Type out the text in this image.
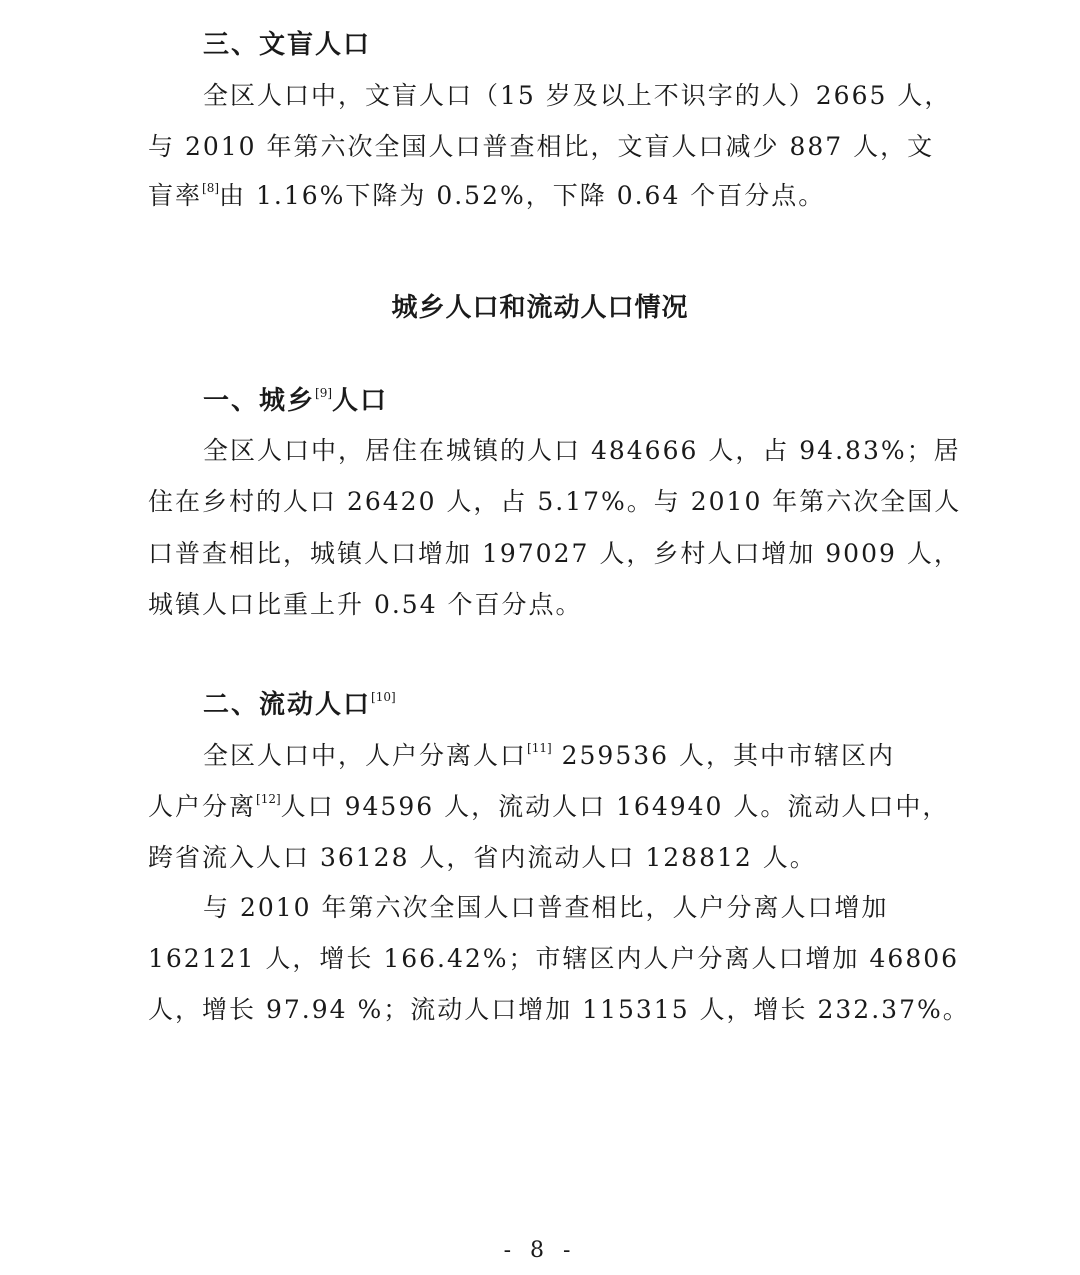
三、文盲人口

全区人口中，文盲人口（15 岁及以上不识字的人）2665 人，

与 2010 年第六次全国人口普查相比，文盲人口减少 887 人，文

盲率[8]由 1.16%下降为 0.52%，下降 0.64 个百分点。

城乡人口和流动人口情况
一、城乡[9]人口

全区人口中，居住在城镇的人口 484666 人，占 94.83%；居

住在乡村的人口 26420 人，占 5.17%。与 2010 年第六次全国人

口普查相比，城镇人口增加 197027 人，乡村人口增加 9009 人，

城镇人口比重上升 0.54 个百分点。

二、流动人口[10]

全区人口中，人户分离人口[11] 259536 人，其中市辖区内

人户分离[12]人口 94596 人，流动人口 164940 人。流动人口中，

跨省流入人口 36128 人，省内流动人口 128812 人。

与 2010 年第六次全国人口普查相比，人户分离人口增加

162121 人，增长 166.42%；市辖区内人户分离人口增加 46806

人，增长 97.94 %；流动人口增加 115315 人，增长 232.37%。

- 8 -
